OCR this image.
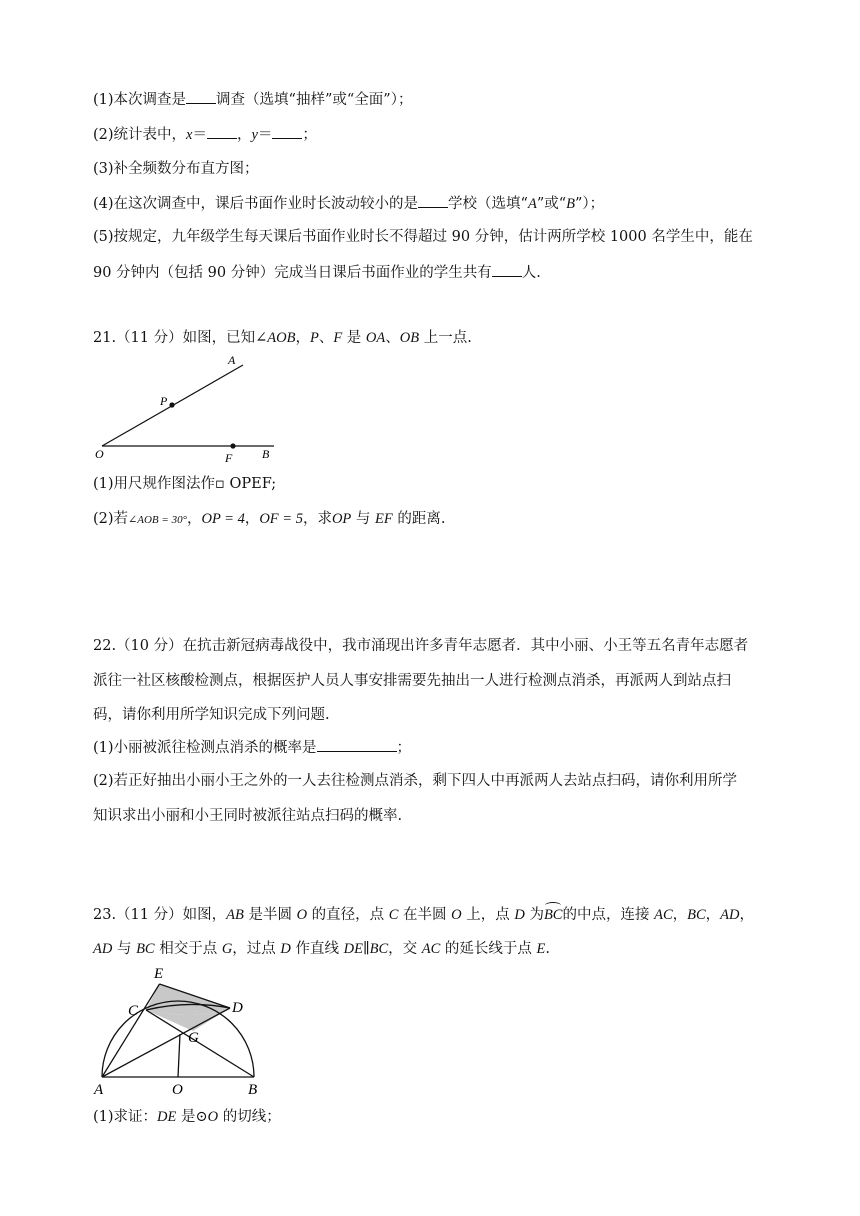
(1)本次调查是 调查（选填“抽样”或“全面”）；
(2)统计表中，x＝ ，y＝ ；
(3)补全频数分布直方图；
(4)在这次调查中，课后书面作业时长波动较小的是 学校（选填“A”或“B”）；
(5)按规定，九年级学生每天课后书面作业时长不得超过 90 分钟，估计两所学校 1000 名学生中，能在
90 分钟内（包括 90 分钟）完成当日课后书面作业的学生共有 人.
21.（11 分）如图，已知∠AOB，P、F 是 OA、OB 上一点.
A
P
O	F B
(1)用尺规作图法作▫ OPEF;
(2)若∠AOB = 30°，OP = 4，OF = 5，求OP 与 EF 的距离.
22.（10 分）在抗击新冠病毒战役中，我市涌现出许多青年志愿者．其中小丽、小王等五名青年志愿者
派往一社区核酸检测点，根据医护人员人事安排需要先抽出一人进行检测点消杀，再派两人到站点扫
码，请你利用所学知识完成下列问题.
(1)小丽被派往检测点消杀的概率是	；
(2)若正好抽出小丽小王之外的一人去往检测点消杀，剩下四人中再派两人去站点扫码，请你利用所学
知识求出小丽和小王同时被派往站点扫码的概率.
23.（11 分）如图，AB 是半圆 O 的直径，点 C 在半圆 O 上，点 D 为BC的中点，连接 AC，BC，AD，
AD 与 BC 相交于点 G，过点 D 作直线 DE∥BC，交 AC 的延长线于点 E.
E
C	D
G
A	O	B
(1)求证：DE 是⊙O 的切线；
